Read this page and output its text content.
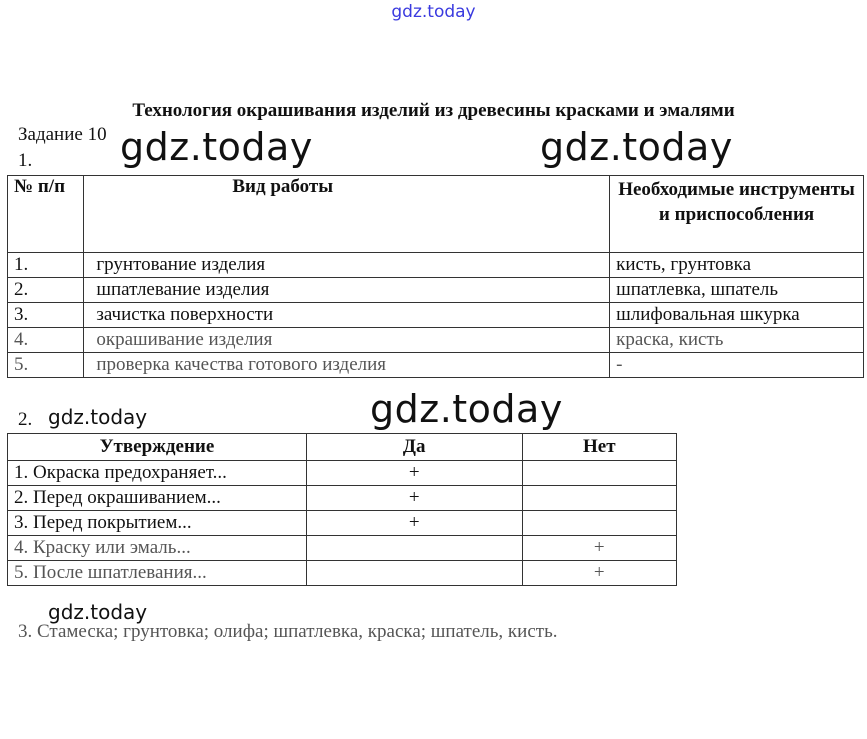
gdz.today
Технология окрашивания изделий из древесины красками и эмалями
Задание 10
1.
№ п/п	Вид работы	Необходимые инструменты и приспособления
1.	грунтование изделия	кисть, грунтовка
2.	шпатлевание изделия	шпатлевка, шпатель
3.	зачистка поверхности	шлифовальная шкурка
4.	окрашивание изделия	краска, кисть
5.	проверка качества готового изделия	-
2.
Утверждение	Да	Нет
1. Окраска предохраняет...	+	
2. Перед окрашиванием...	+	
3. Перед покрытием...	+	
4. Краску или эмаль...		+
5. После шпатлевания...		+
3. Стамеска; грунтовка; олифа; шпатлевка, краска; шпатель, кисть.
gdz.today	gdz.today
gdz.today
gdz.today
gdz.today
